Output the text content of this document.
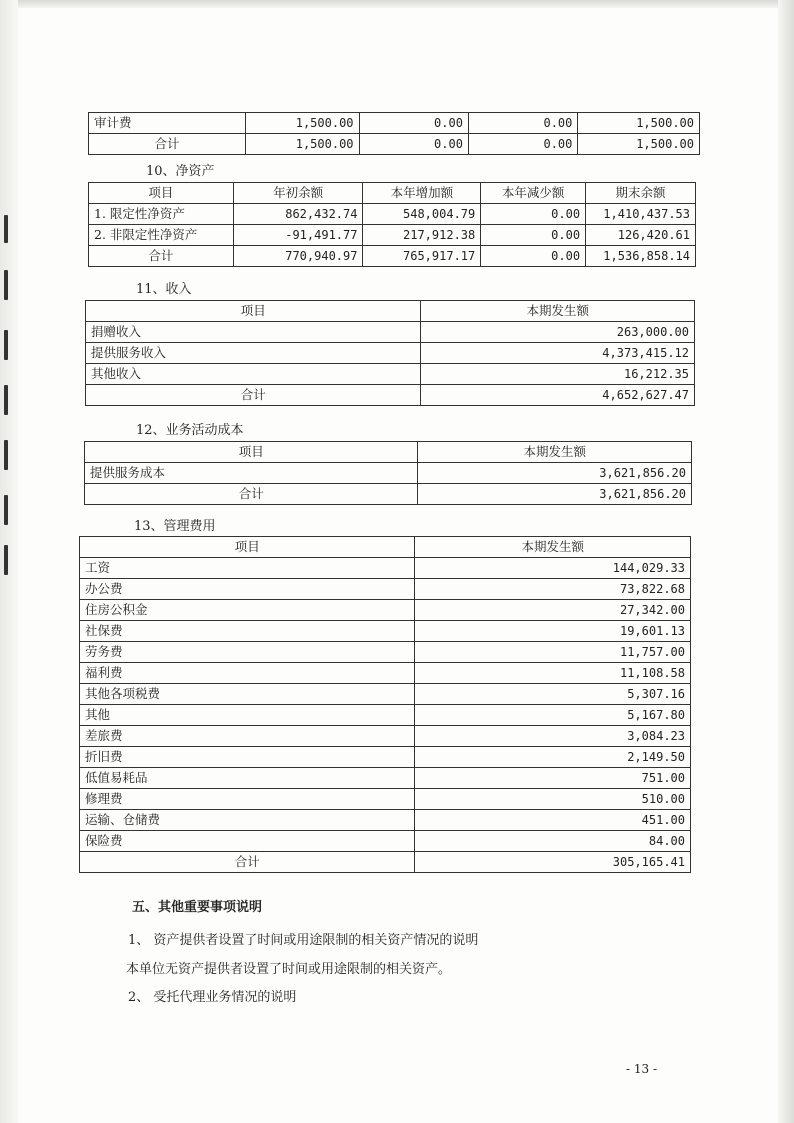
审计费	1,500.00	0.00	0.00	1,500.00
合计	1,500.00	0.00	0.00	1,500.00
10、净资产
项目	年初余额	本年增加额	本年减少额	期末余额
1. 限定性净资产	862,432.74	548,004.79	0.00	1,410,437.53
2. 非限定性净资产	-91,491.77	217,912.38	0.00	126,420.61
合计	770,940.97	765,917.17	0.00	1,536,858.14
11、收入
项目	本期发生额
捐赠收入	263,000.00
提供服务收入	4,373,415.12
其他收入	16,212.35
合计	4,652,627.47
12、业务活动成本
项目	本期发生额
提供服务成本	3,621,856.20
合计	3,621,856.20
13、管理费用
项目	本期发生额
工资	144,029.33
办公费	73,822.68
住房公积金	27,342.00
社保费	19,601.13
劳务费	11,757.00
福利费	11,108.58
其他各项税费	5,307.16
其他	5,167.80
差旅费	3,084.23
折旧费	2,149.50
低值易耗品	751.00
修理费	510.00
运输、仓储费	451.00
保险费	84.00
合计	305,165.41
五、其他重要事项说明
1、 资产提供者设置了时间或用途限制的相关资产情况的说明
本单位无资产提供者设置了时间或用途限制的相关资产。
2、 受托代理业务情况的说明
- 13 -
